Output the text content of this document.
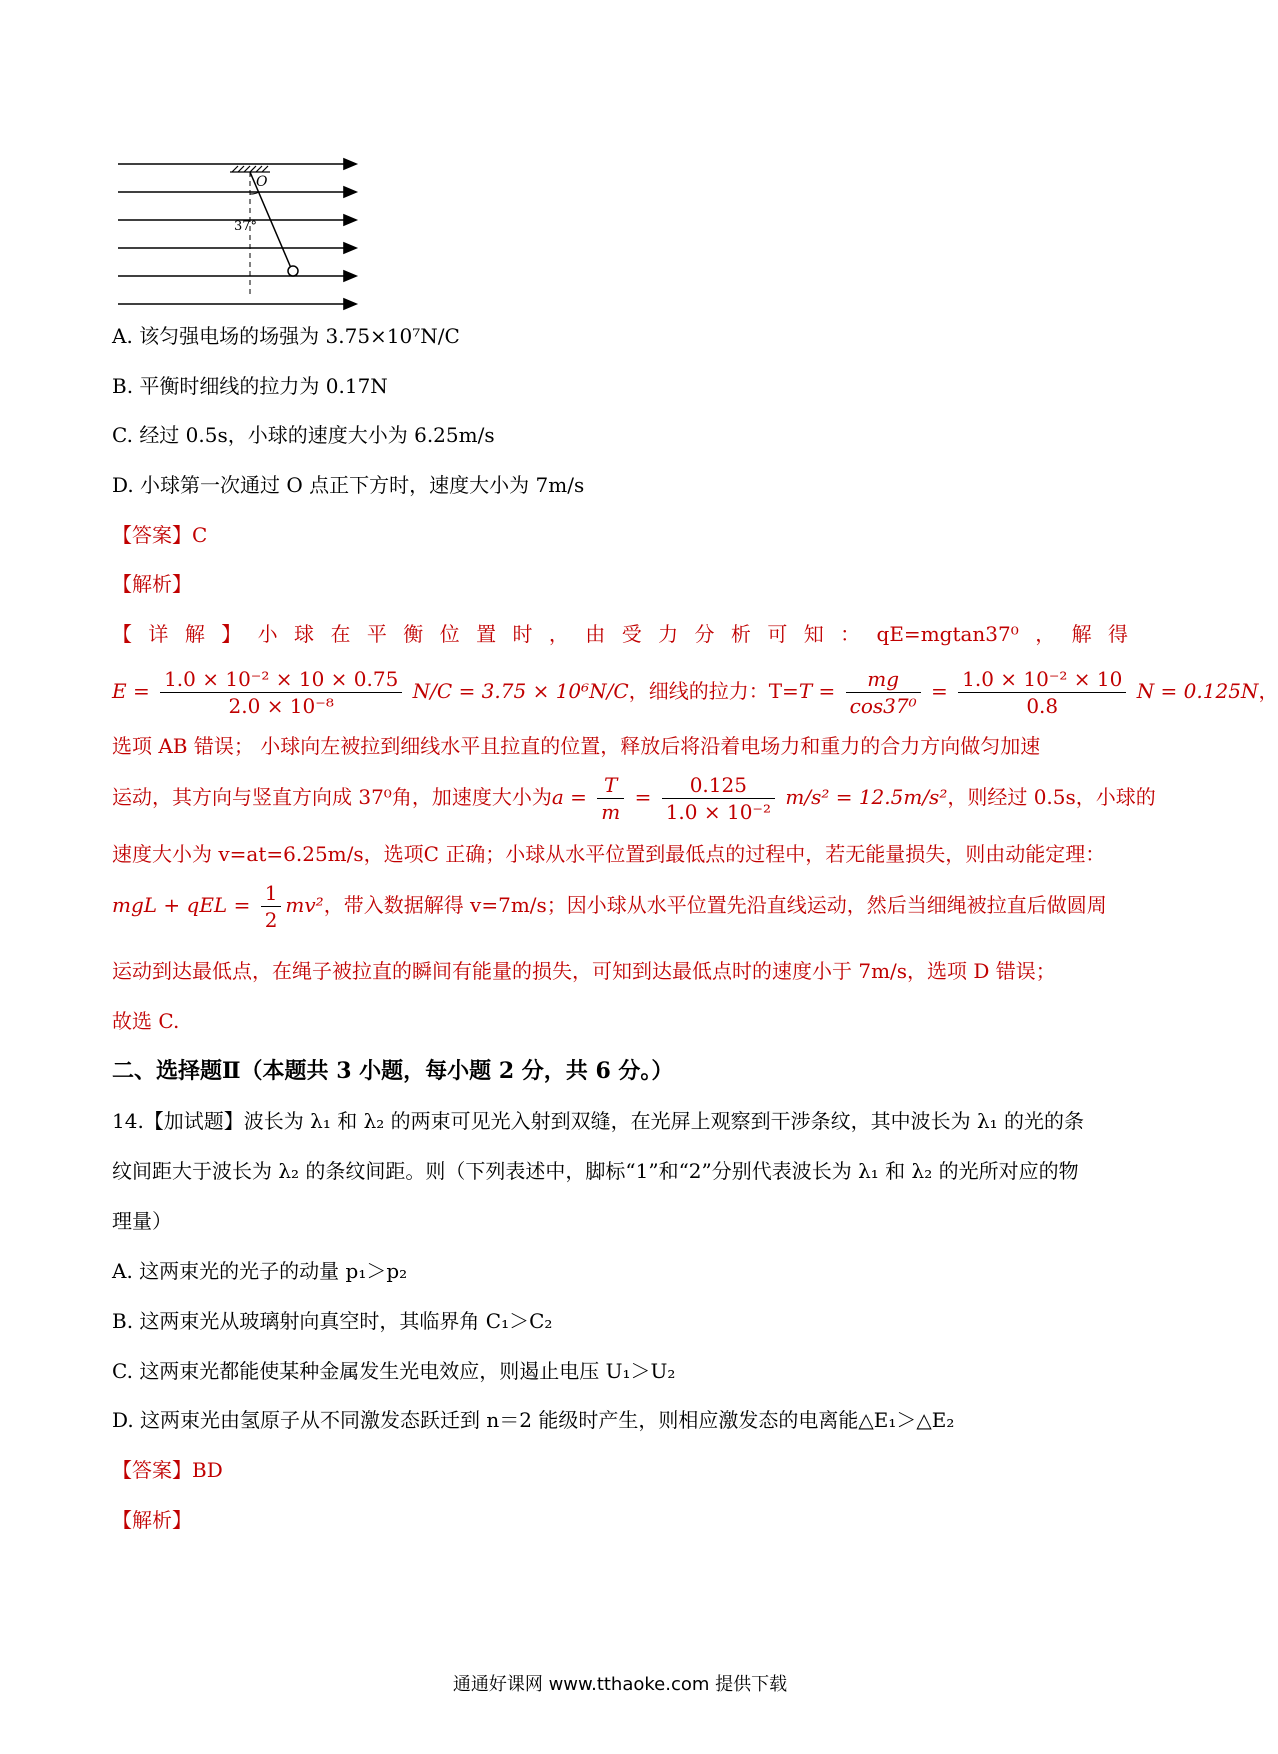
O
37°
A. 该匀强电场的场强为 3.75×10⁷N/C
B. 平衡时细线的拉力为 0.17N
C. 经过 0.5s，小球的速度大小为 6.25m/s
D. 小球第一次通过 O 点正下方时，速度大小为 7m/s
【答案】C
【解析】
【 详 解 】 小 球 在 平 衡 位 置 时 ， 由 受 力 分 析 可 知 ： qE=mgtan37⁰ ， 解 得
$E = \frac{\text{1.0 × 10⁻² × 10 × 0.75}}{\text{2.0 × 10⁻⁸}} N/C = 3.75 \times 10^6N/C$，细线的拉力：$T=T = \frac{mg}{\text{cos37⁰}} = \frac{\text{1.0 × 10⁻² × 10}}{0.8}$ N = 0.125N，
选项 AB 错误； 小球向左被拉到细线水平且拉直的位置，释放后将沿着电场力和重力的合力方向做匀加速
运动，其方向与竖直方向成 37⁰角，加速度大小为$a = \frac{T}{m} = \frac{0.125}{\text{1.0 × 10⁻²}} m/s^2 = 12.5m/s^2$，则经过 0.5s，小球的
速度大小为 v=at=6.25m/s，选项C 正确；小球从水平位置到最低点的过程中，若无能量损失，则由动能定理：
mgL + qEL = $\frac{1}{2} mv^2$，带入数据解得 v=7m/s；因小球从水平位置先沿直线运动，然后当细绳被拉直后做圆周
运动到达最低点，在绳子被拉直的瞬间有能量的损失，可知到达最低点时的速度小于 7m/s，选项 D 错误；
故选 C.
二、选择题Ⅱ（本题共 3 小题，每小题 2 分，共 6 分。）
14.【加试题】波长为 λ₁ 和 λ₂ 的两束可见光入射到双缝，在光屏上观察到干涉条纹，其中波长为 λ₁ 的光的条
纹间距大于波长为 λ₂ 的条纹间距。则（下列表述中，脚标“1”和“2”分别代表波长为 λ₁ 和 λ₂ 的光所对应的物
理量）
A. 这两束光的光子的动量 p₁＞p₂
B. 这两束光从玻璃射向真空时，其临界角 C₁＞C₂
C. 这两束光都能使某种金属发生光电效应，则遏止电压 U₁＞U₂
D. 这两束光由氢原子从不同激发态跃迁到 n＝2 能级时产生，则相应激发态的电离能△E₁＞△E₂
【答案】BD
【解析】
通通好课网 www.tthaoke.com 提供下载
